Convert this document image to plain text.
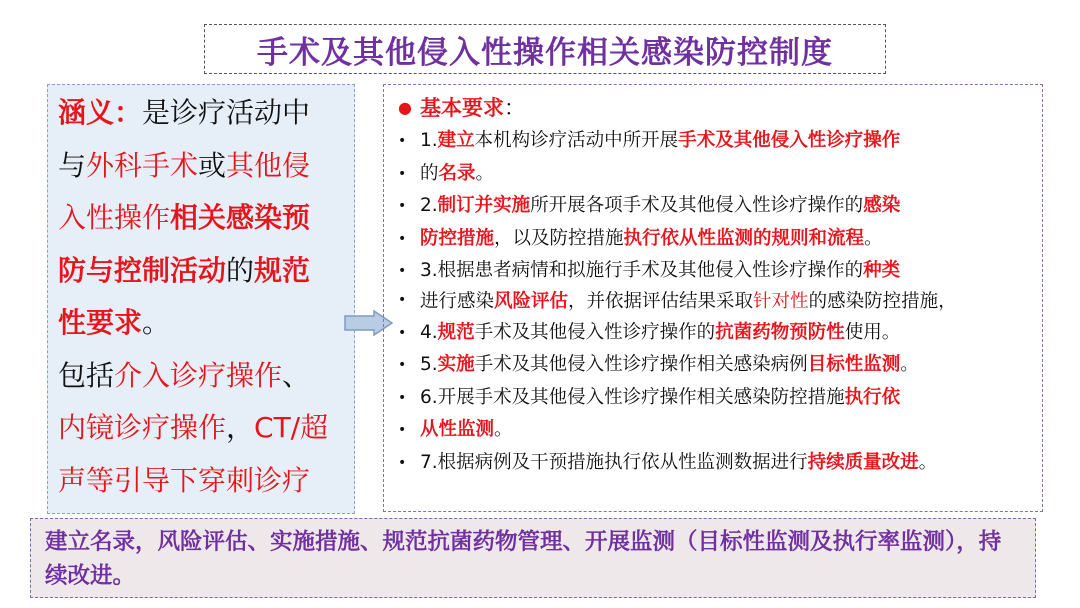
手术及其他侵入性操作相关感染防控制度
涵义：是诊疗活动中
与外科手术或其他侵
入性操作相关感染预
防与控制活动的规范
性要求。
包括介入诊疗操作、
内镜诊疗操作，CT/超
声等引导下穿刺诊疗
● 基本要求：
• 1.建立本机构诊疗活动中所开展手术及其他侵入性诊疗操作
• 的名录。
• 2.制订并实施所开展各项手术及其他侵入性诊疗操作的感染
• 防控措施，以及防控措施执行依从性监测的规则和流程。
• 3.根据患者病情和拟施行手术及其他侵入性诊疗操作的种类
• 进行感染风险评估，并依据评估结果采取针对性的感染防控措施，
• 4.规范手术及其他侵入性诊疗操作的抗菌药物预防性使用。
• 5.实施手术及其他侵入性诊疗操作相关感染病例目标性监测。
• 6.开展手术及其他侵入性诊疗操作相关感染防控措施执行依
• 从性监测。
• 7.根据病例及干预措施执行依从性监测数据进行持续质量改进。
建立名录，风险评估、实施措施、规范抗菌药物管理、开展监测（目标性监测及执行率监测），持续改进。
